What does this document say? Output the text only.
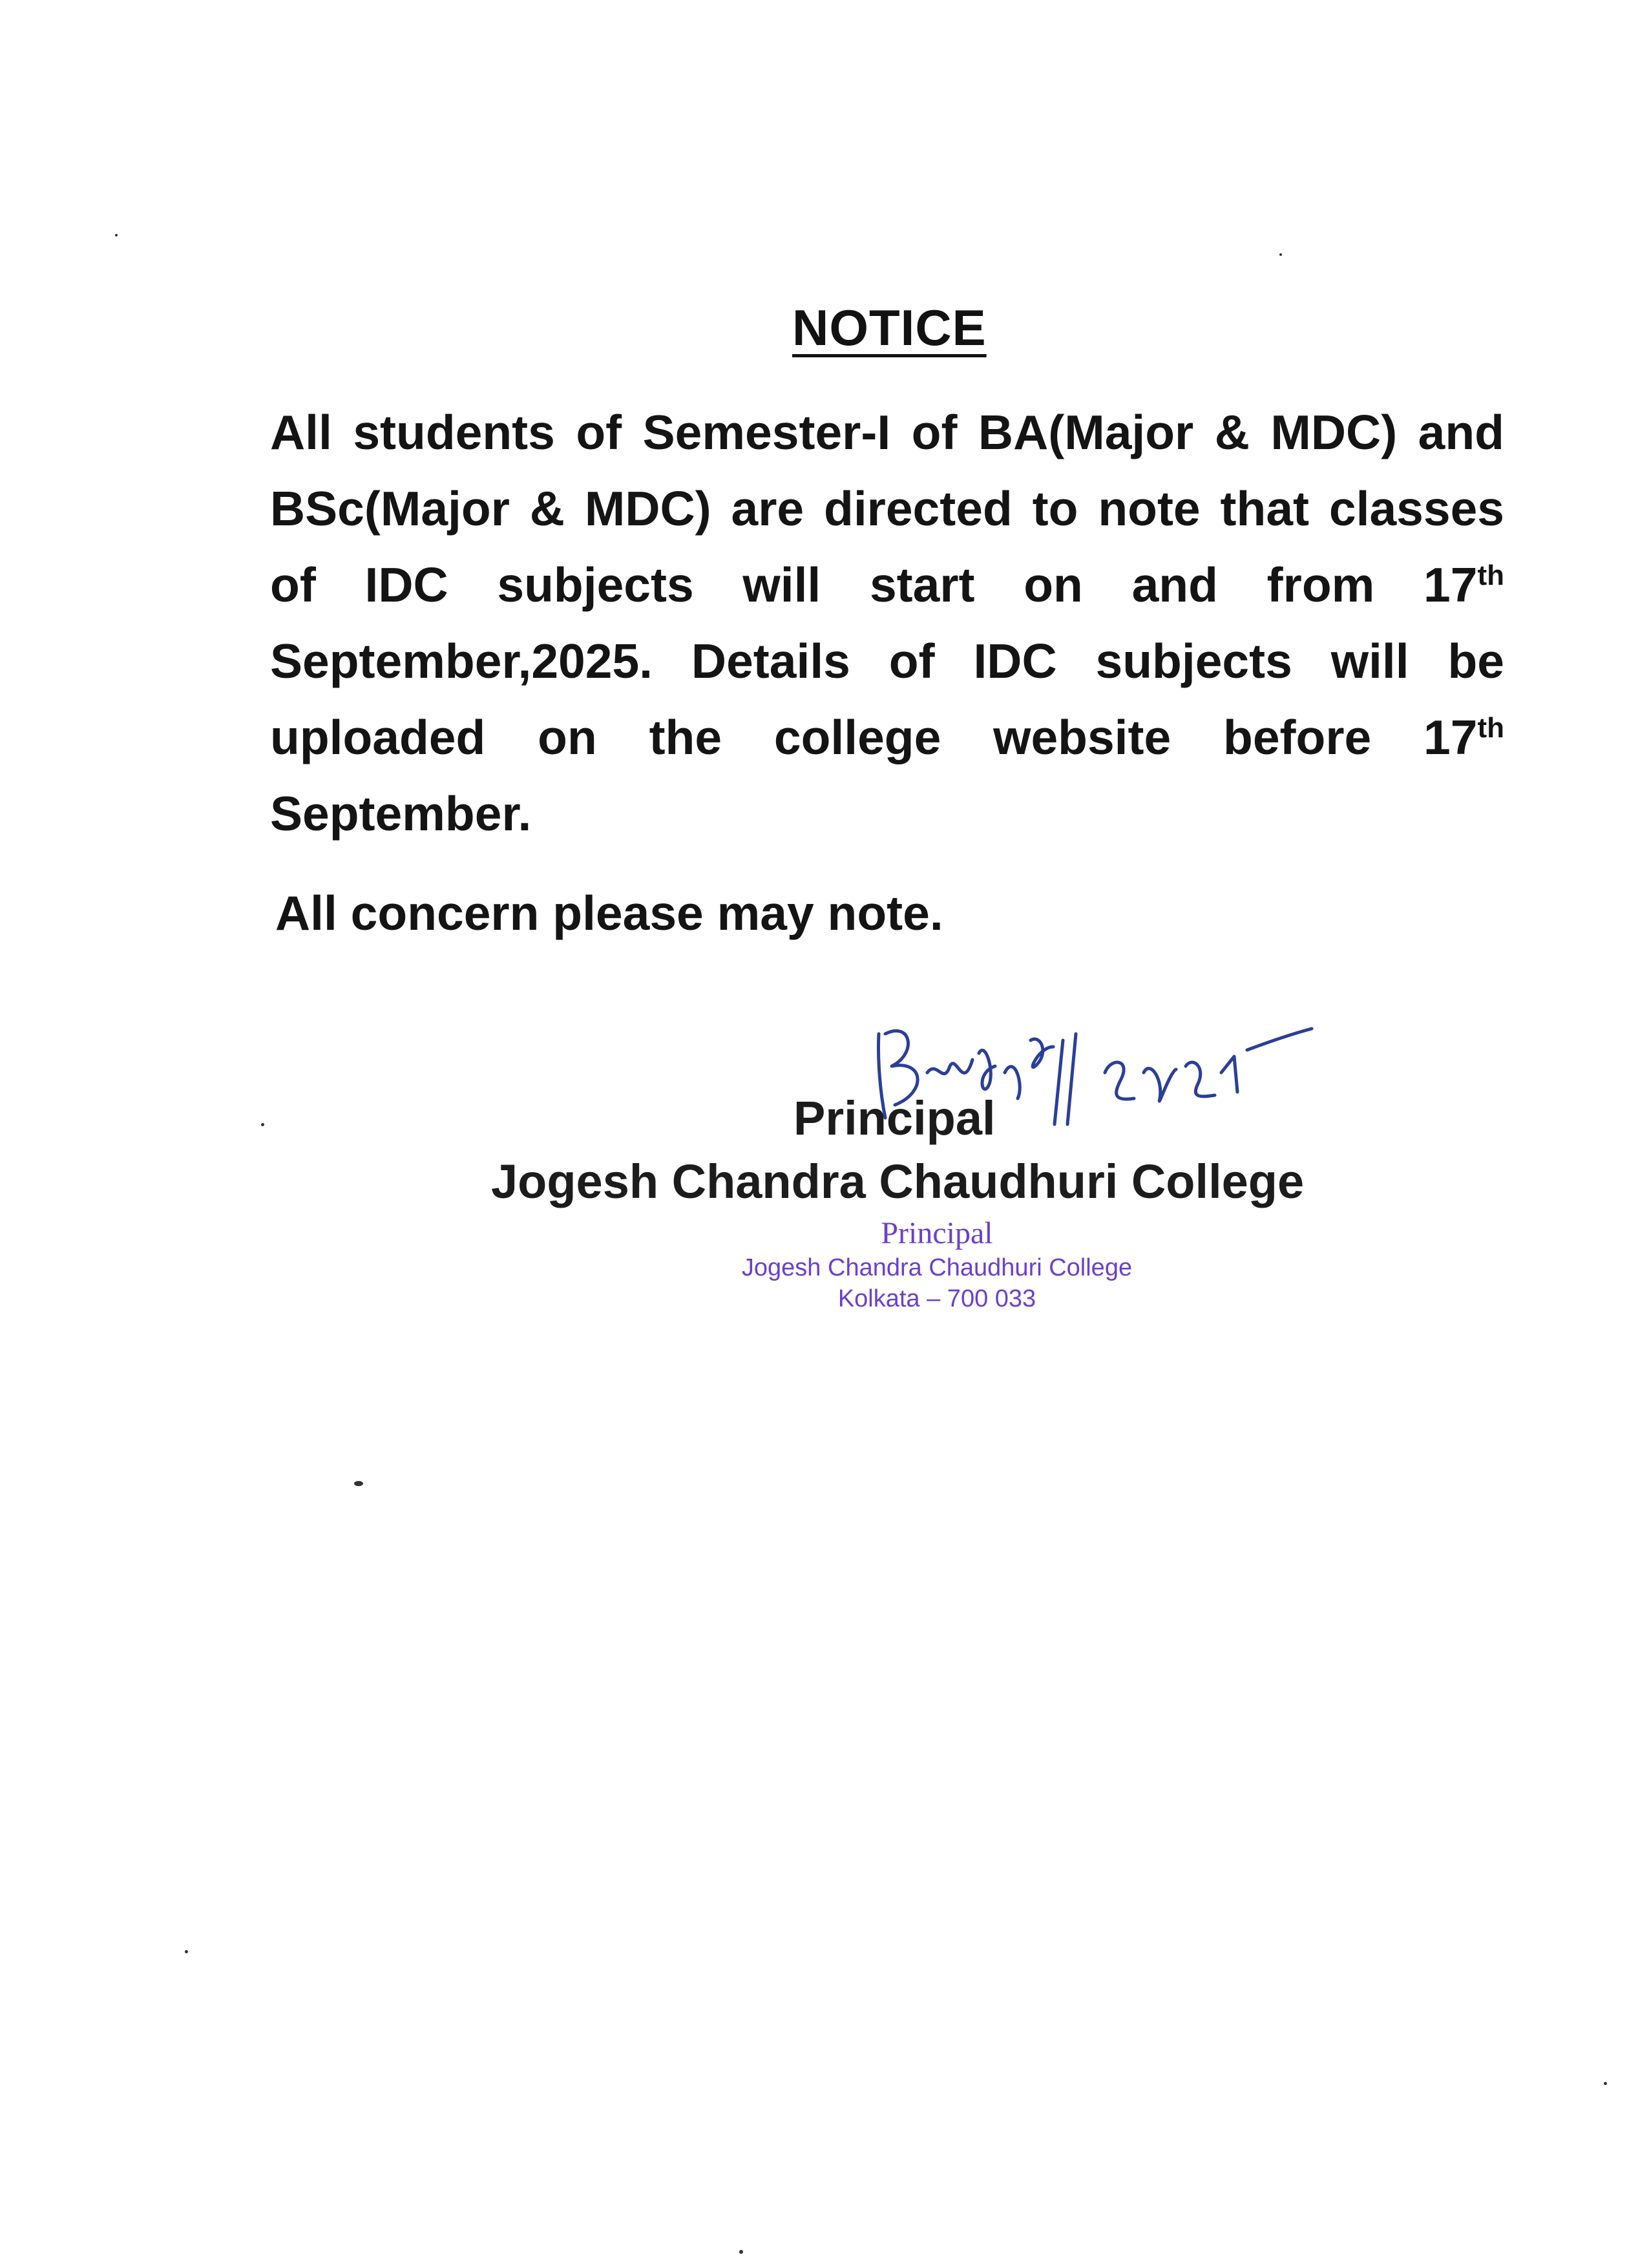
NOTICE
All students of Semester-I of BA(Major & MDC) and BSc(Major & MDC) are directed to note that classes of IDC subjects will start on and from 17th September,2025. Details of IDC subjects will be uploaded on the college website before 17th September.
All concern please may note.
Principal
Jogesh Chandra Chaudhuri College
Principal
Jogesh Chandra Chaudhuri College
Kolkata – 700 033
